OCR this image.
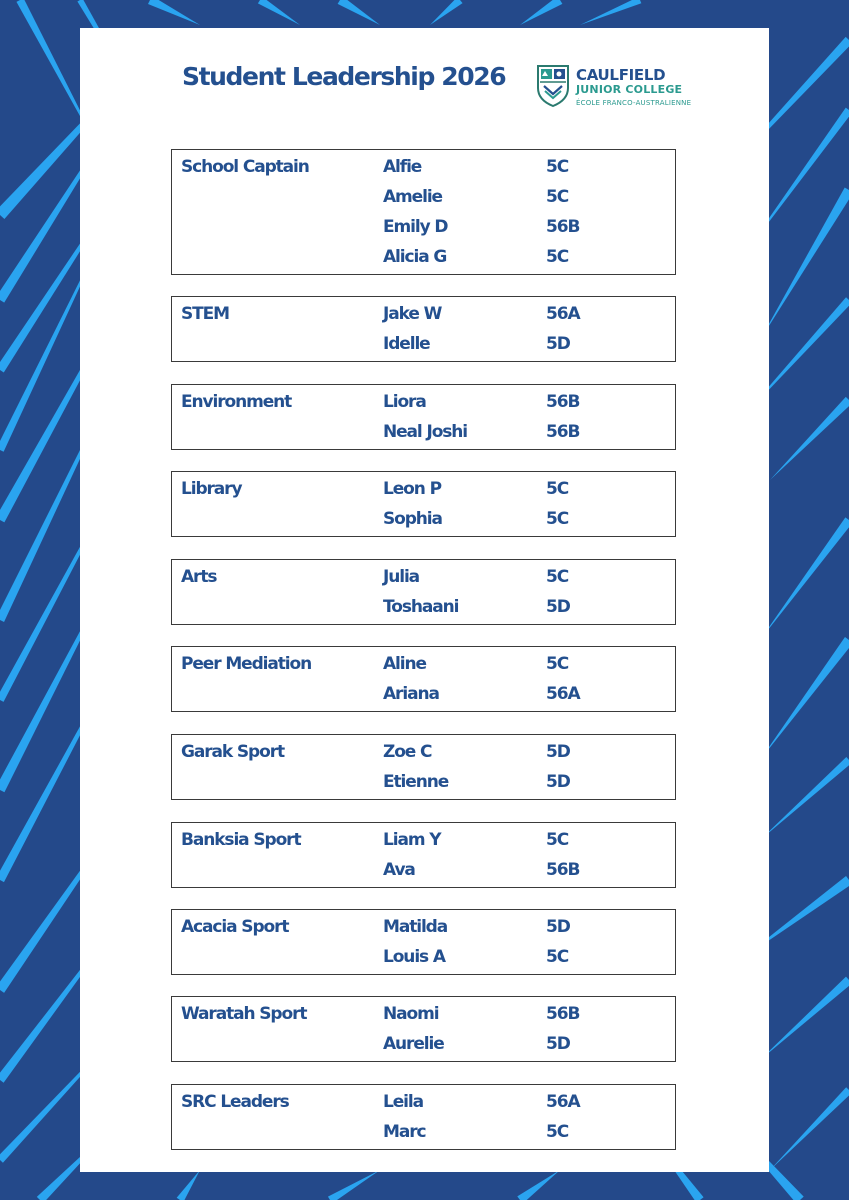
Student Leadership 2026	CAULFIELD
JUNIOR COLLEGE
ÉCOLE FRANCO-AUSTRALIENNE
School Captain	Alfie	5C
Amelie	5C
Emily D	56B
Alicia G	5C
STEM	Jake W	56A
Idelle	5D
Environment	Liora	56B
Neal Joshi	56B
Library	Leon P	5C
Sophia	5C
Arts	Julia	5C
Toshaani	5D
Peer Mediation	Aline	5C
Ariana	56A
Garak Sport	Zoe C	5D
Etienne	5D
Banksia Sport	Liam Y	5C
Ava	56B
Acacia Sport	Matilda	5D
Louis A	5C
Waratah Sport	Naomi	56B
Aurelie	5D
SRC Leaders	Leila	56A
Marc	5C
